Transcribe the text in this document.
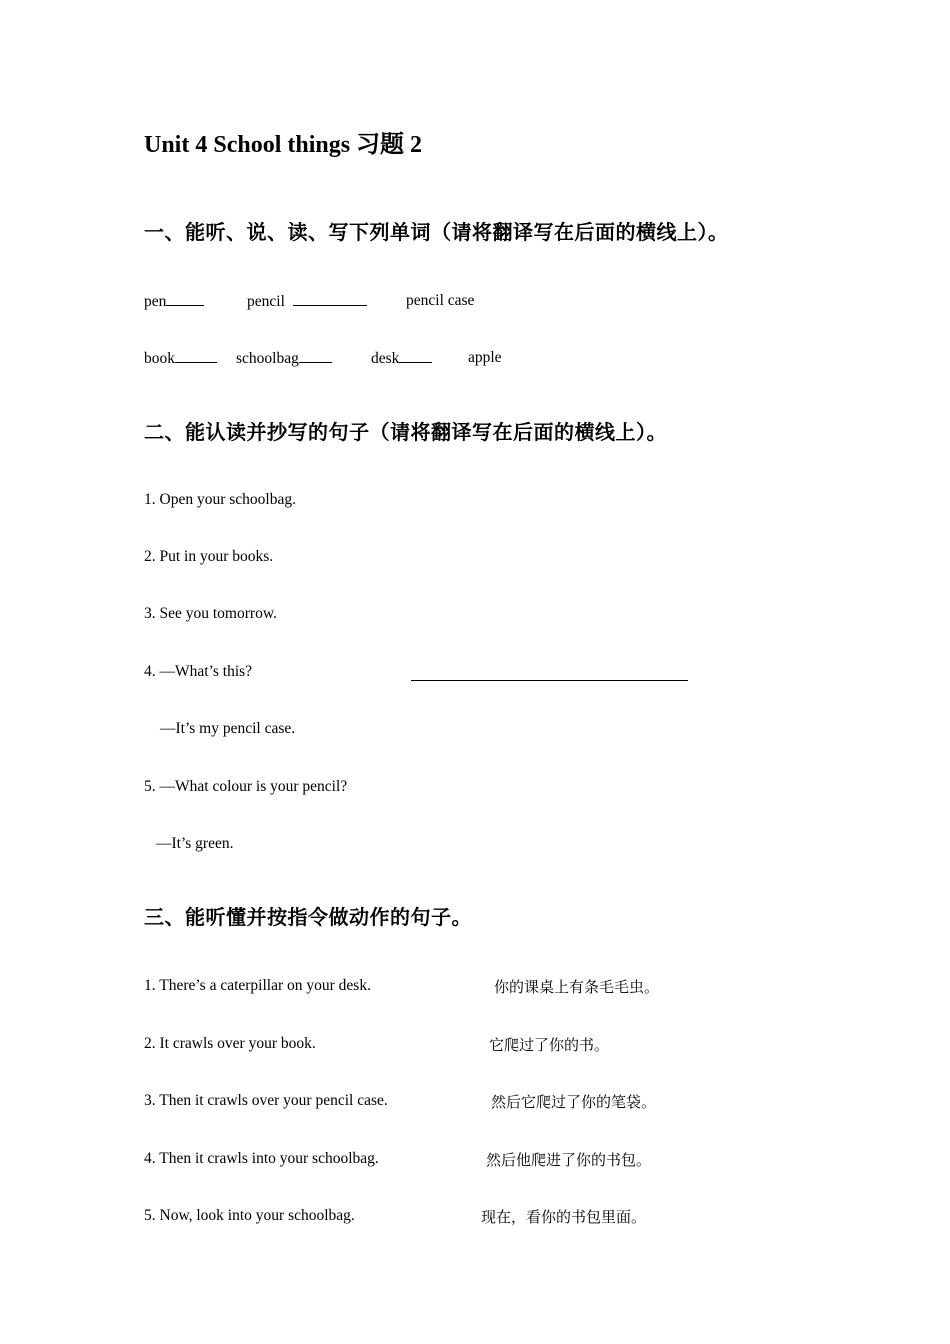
Unit 4 School things 习题 2
一、能听、说、读、写下列单词（请将翻译写在后面的横线上）。
pen	pencil	pencil case
book	schoolbag	desk	apple
二、能认读并抄写的句子（请将翻译写在后面的横线上）。
1. Open your schoolbag.
2. Put in your books.
3. See you tomorrow.
4. —What’s this?
—It’s my pencil case.
5. —What colour is your pencil?
—It’s green.
三、能听懂并按指令做动作的句子。
1. There’s a caterpillar on your desk.	你的课桌上有条毛毛虫。
2. It crawls over your book.	它爬过了你的书。
3. Then it crawls over your pencil case.	然后它爬过了你的笔袋。
4. Then it crawls into your schoolbag.	然后他爬进了你的书包。
5. Now, look into your schoolbag.	现在，看你的书包里面。
